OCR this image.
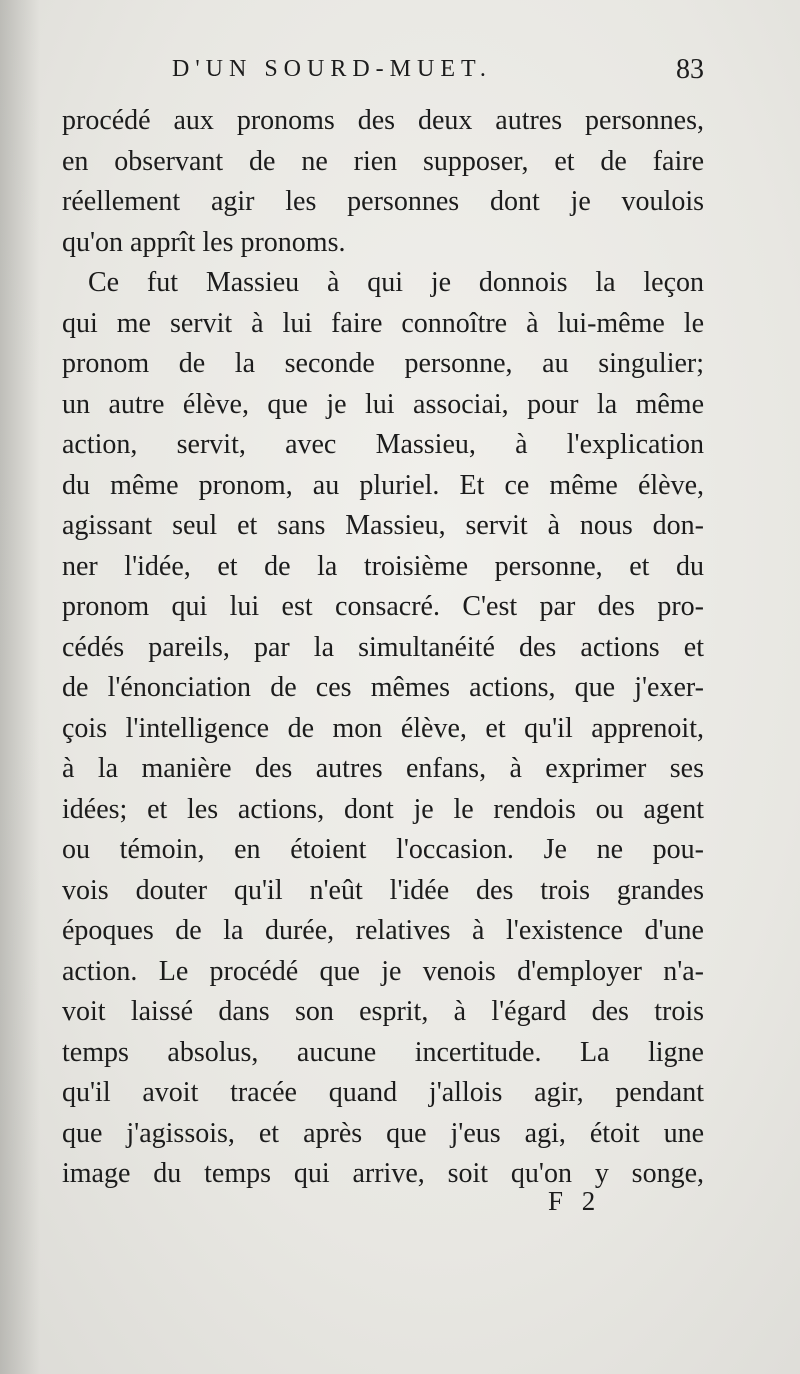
D'UN SOURD-MUET.	83
procédé aux pronoms des deux autres personnes,
en observant de ne rien supposer, et de faire
réellement agir les personnes dont je voulois
qu'on apprît les pronoms.
Ce fut Massieu à qui je donnois la leçon
qui me servit à lui faire connoître à lui-même le
pronom de la seconde personne, au singulier;
un autre élève, que je lui associai, pour la même
action, servit, avec Massieu, à l'explication
du même pronom, au pluriel. Et ce même élève,
agissant seul et sans Massieu, servit à nous don-
ner l'idée, et de la troisième personne, et du
pronom qui lui est consacré. C'est par des pro-
cédés pareils, par la simultanéité des actions et
de l'énonciation de ces mêmes actions, que j'exer-
çois l'intelligence de mon élève, et qu'il apprenoit,
à la manière des autres enfans, à exprimer ses
idées; et les actions, dont je le rendois ou agent
ou témoin, en étoient l'occasion. Je ne pou-
vois douter qu'il n'eût l'idée des trois grandes
époques de la durée, relatives à l'existence d'une
action. Le procédé que je venois d'employer n'a-
voit laissé dans son esprit, à l'égard des trois
temps absolus, aucune incertitude. La ligne
qu'il avoit tracée quand j'allois agir, pendant
que j'agissois, et après que j'eus agi, étoit une
image du temps qui arrive, soit qu'on y songe,
F 2
